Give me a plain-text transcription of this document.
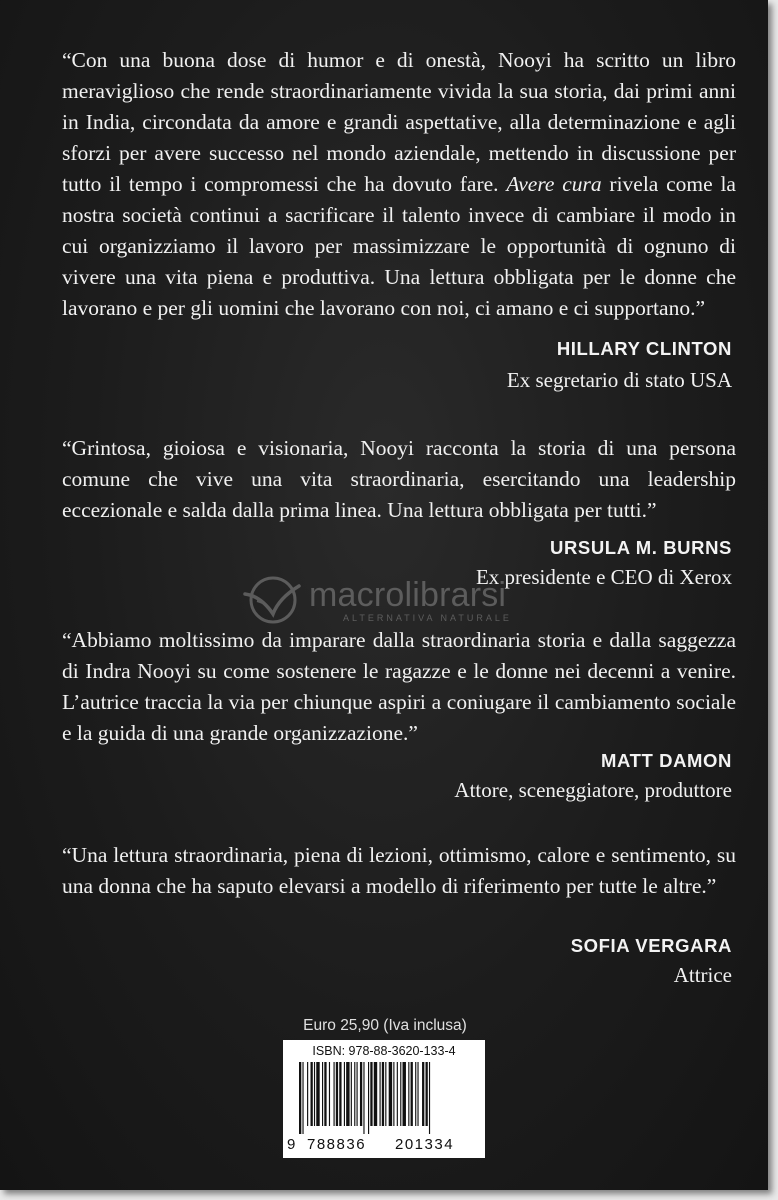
“Con una buona dose di humor e di onestà, Nooyi ha scritto un libro meraviglioso che rende straordinariamente vivida la sua storia, dai primi anni in India, circondata da amore e grandi aspettative, alla determinazione e agli sforzi per avere successo nel mondo aziendale, mettendo in discussione per tutto il tempo i compromessi che ha dovuto fare. Avere cura rivela come la nostra società continui a sacrificare il talento invece di cambiare il modo in cui organizziamo il lavoro per massimizzare le opportunità di ognuno di vivere una vita piena e produttiva. Una lettura obbligata per le donne che lavorano e per gli uomini che lavorano con noi, ci amano e ci supportano.”

HILLARY CLINTON
Ex segretario di stato USA

“Grintosa, gioiosa e visionaria, Nooyi racconta la storia di una persona comune che vive una vita straordinaria, esercitando una leadership eccezionale e salda dalla prima linea. Una lettura obbligata per tutti.”

URSULA M. BURNS
Ex presidente e CEO di Xerox
macrolibrarsi
ALTERNATIVA NATURALE

“Abbiamo moltissimo da imparare dalla straordinaria storia e dalla saggezza di Indra Nooyi su come sostenere le ragazze e le donne nei decenni a venire. L’autrice traccia la via per chiunque aspiri a coniugare il cambiamento sociale e la guida di una grande organizzazione.”

MATT DAMON
Attore, sceneggiatore, produttore

“Una lettura straordinaria, piena di lezioni, ottimismo, calore e sentimento, su una donna che ha saputo elevarsi a modello di riferimento per tutte le altre.”

SOFIA VERGARA
Attrice
Euro 25,90 (Iva inclusa)
ISBN: 978-88-3620-133-4
9 788836 201334
